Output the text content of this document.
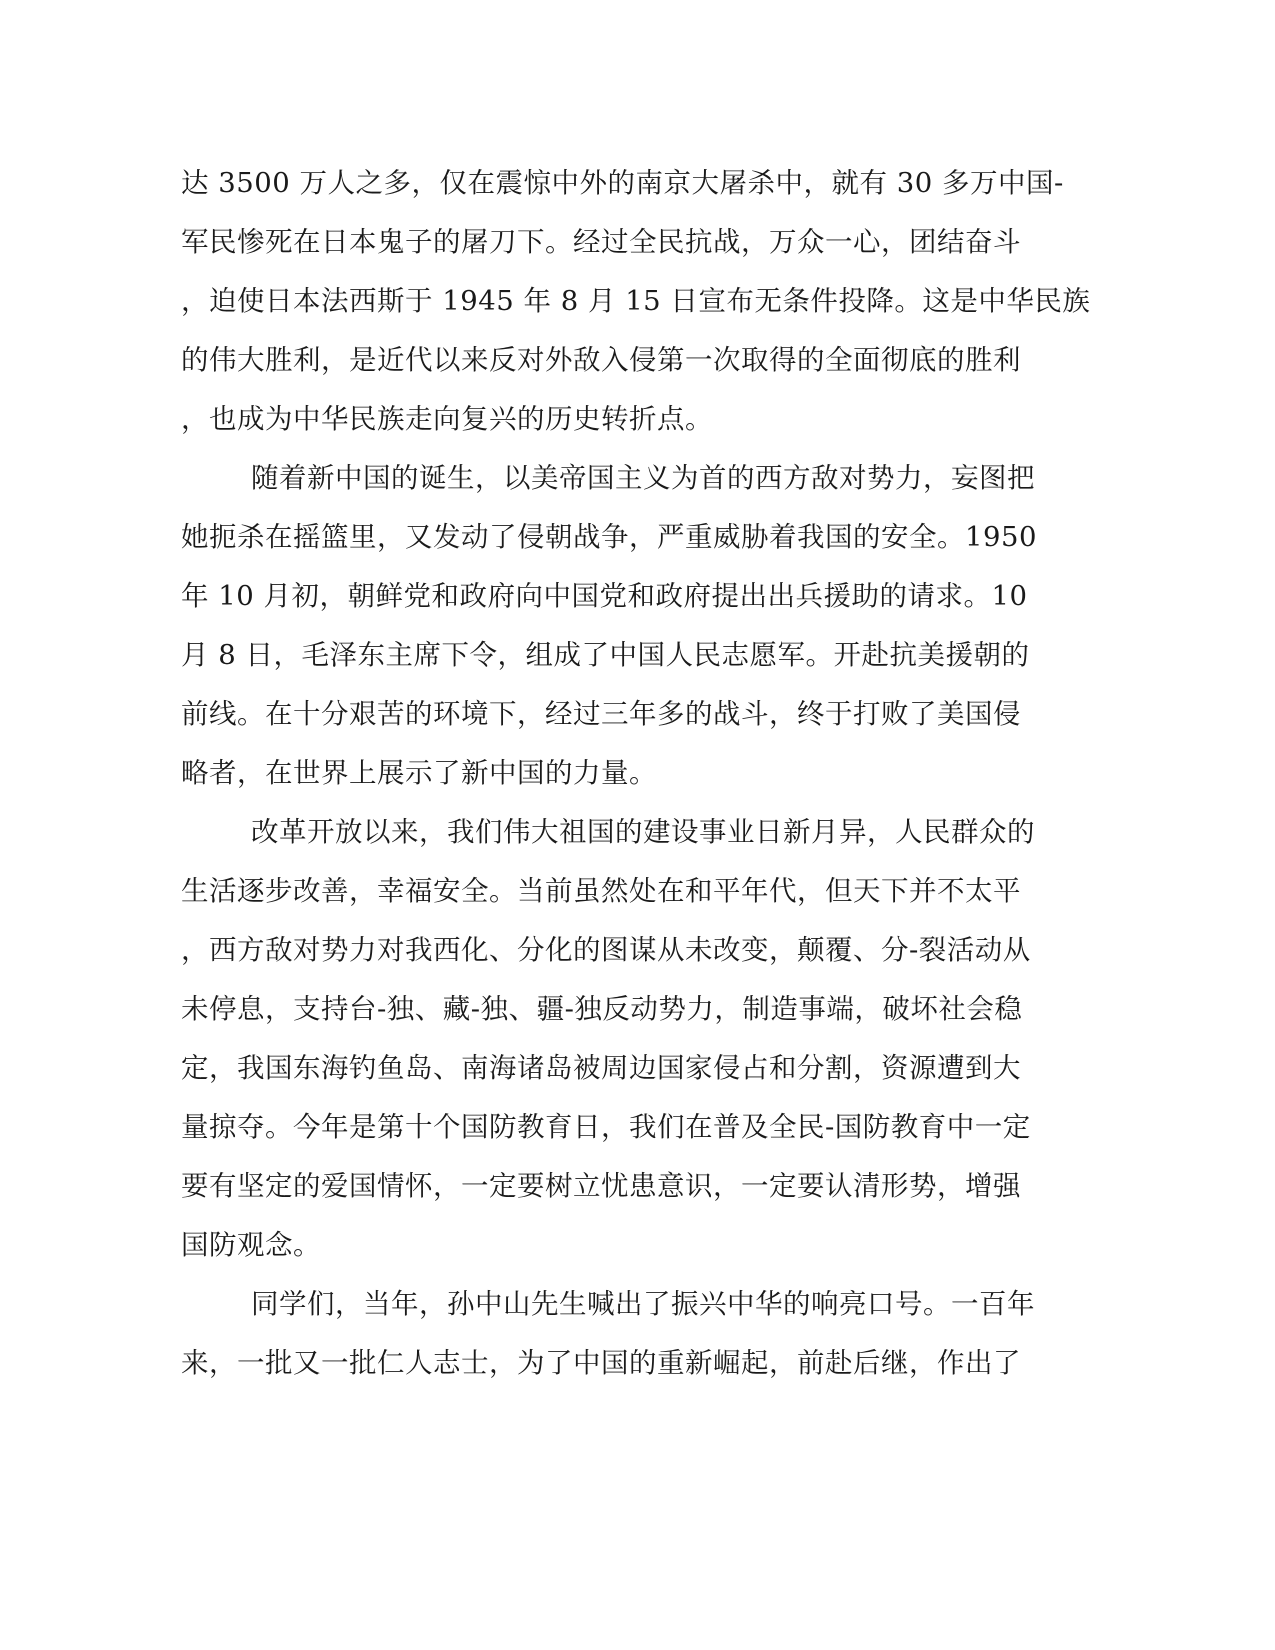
达 3500 万人之多，仅在震惊中外的南京大屠杀中，就有 30 多万中国-
军民惨死在日本鬼子的屠刀下。经过全民抗战，万众一心，团结奋斗
，迫使日本法西斯于 1945 年 8 月 15 日宣布无条件投降。这是中华民族
的伟大胜利，是近代以来反对外敌入侵第一次取得的全面彻底的胜利
，也成为中华民族走向复兴的历史转折点。
随着新中国的诞生，以美帝国主义为首的西方敌对势力，妄图把
她扼杀在摇篮里，又发动了侵朝战争，严重威胁着我国的安全。1950
年 10 月初，朝鲜党和政府向中国党和政府提出出兵援助的请求。10
月 8 日，毛泽东主席下令，组成了中国人民志愿军。开赴抗美援朝的
前线。在十分艰苦的环境下，经过三年多的战斗，终于打败了美国侵
略者，在世界上展示了新中国的力量。
改革开放以来，我们伟大祖国的建设事业日新月异，人民群众的
生活逐步改善，幸福安全。当前虽然处在和平年代，但天下并不太平
，西方敌对势力对我西化、分化的图谋从未改变，颠覆、分-裂活动从
未停息，支持台-独、藏-独、疆-独反动势力，制造事端，破坏社会稳
定，我国东海钓鱼岛、南海诸岛被周边国家侵占和分割，资源遭到大
量掠夺。今年是第十个国防教育日，我们在普及全民-国防教育中一定
要有坚定的爱国情怀，一定要树立忧患意识，一定要认清形势，增强
国防观念。
同学们，当年，孙中山先生喊出了振兴中华的响亮口号。一百年
来，一批又一批仁人志士，为了中国的重新崛起，前赴后继，作出了
